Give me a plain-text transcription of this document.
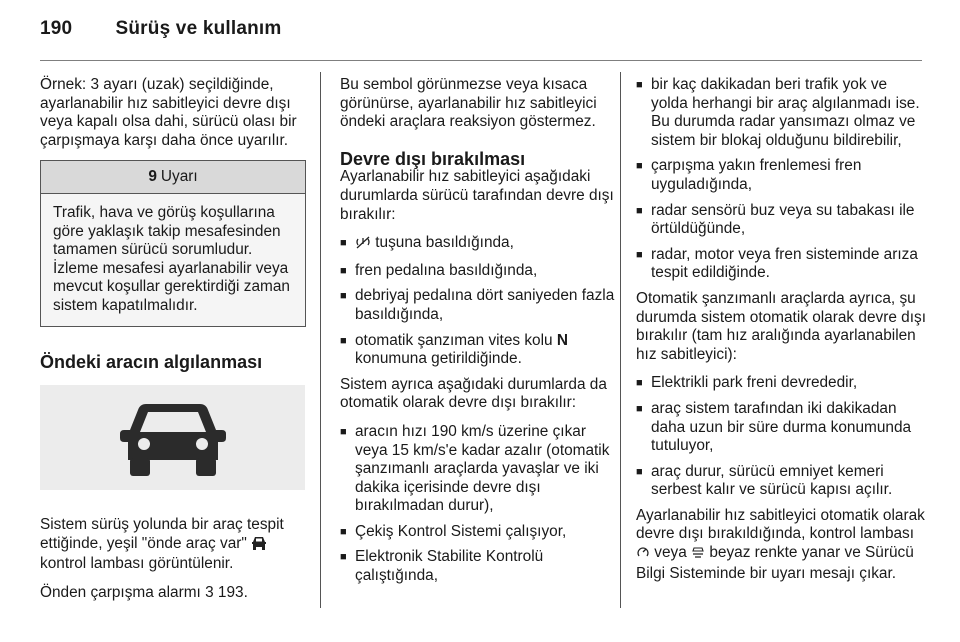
190 Sürüş ve kullanım

Örnek: 3 ayarı (uzak) seçildiğinde, ayarlanabilir hız sabitleyici devre dışı veya kapalı olsa dahi, sürücü olası bir çarpışmaya karşı daha önce uyarılır.

9 Uyarı

Trafik, hava ve görüş koşullarına göre yaklaşık takip mesafesinden tamamen sürücü sorumludur. İzleme mesafesi ayarlanabilir veya mevcut koşullar gerektirdiği zaman sistem kapatılmalıdır.

Öndeki aracın algılanması

Sistem sürüş yolunda bir araç tespit ettiğinde, yeşil "önde araç var"  kontrol lambası görüntülenir.

Önden çarpışma alarmı 3 193.

Bu sembol görünmezse veya kısaca görünürse, ayarlanabilir hız sabitleyici öndeki araçlara reaksiyon göstermez.

Devre dışı bırakılması

Ayarlanabilir hız sabitleyici aşağıdaki durumlarda sürücü tarafından devre dışı bırakılır:

■ tuşuna basıldığında,
■ fren pedalına basıldığında,
■ debriyaj pedalına dört saniyeden fazla basıldığında,
■ otomatik şanzıman vites kolu N konumuna getirildiğinde.

Sistem ayrıca aşağıdaki durumlarda da otomatik olarak devre dışı bırakılır:

■ aracın hızı 190 km/s üzerine çıkar veya 15 km/s'e kadar azalır (otomatik şanzımanlı araçlarda yavaşlar ve iki dakika içerisinde devre dışı bırakılmadan durur),
■ Çekiş Kontrol Sistemi çalışıyor,
■ Elektronik Stabilite Kontrolü çalıştığında,
■ bir kaç dakikadan beri trafik yok ve yolda herhangi bir araç algılanmadı ise. Bu durumda radar yansımazı olmaz ve sistem bir blokaj olduğunu bildirebilir,
■ çarpışma yakın frenlemesi fren uyguladığında,
■ radar sensörü buz veya su tabakası ile örtüldüğünde,
■ radar, motor veya fren sisteminde arıza tespit edildiğinde.

Otomatik şanzımanlı araçlarda ayrıca, şu durumda sistem otomatik olarak devre dışı bırakılır (tam hız aralığında ayarlanabilen hız sabitleyici):

■ Elektrikli park freni devrededir,
■ araç sistem tarafından iki dakikadan daha uzun bir süre durma konumunda tutuluyor,
■ araç durur, sürücü emniyet kemeri serbest kalır ve sürücü kapısı açılır.

Ayarlanabilir hız sabitleyici otomatik olarak devre dışı bırakıldığında, kontrol lambası  veya  beyaz renkte yanar ve Sürücü Bilgi Sisteminde bir uyarı mesajı çıkar.
